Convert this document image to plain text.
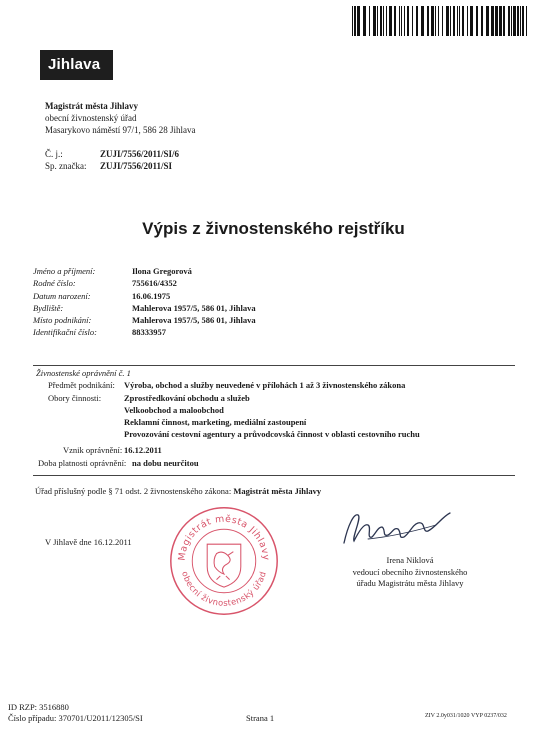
Jihlava
Magistrát města Jihlavy
obecní živnostenský úřad
Masarykovo náměstí 97/1, 586 28 Jihlava
Č. j.:	ZUJI/7556/2011/SI/6
Sp. značka: ZUJI/7556/2011/SI
Výpis z živnostenského rejstříku
Jméno a příjmení:	Ilona Gregorová
Rodné číslo:	755616/4352
Datum narození:	16.06.1975
Bydliště:	Mahlerova 1957/5, 586 01, Jihlava
Místo podnikání:	Mahlerova 1957/5, 586 01, Jihlava
Identifikační číslo:	88333957
Živnostenské oprávnění č. 1
Předmět podnikání: Výroba, obchod a služby neuvedené v přílohách 1 až 3 živnostenského zákona
Obory činnosti:	Zprostředkování obchodu a služeb
Velkoobchod a maloobchod
Reklamní činnost, marketing, mediální zastoupení
Provozování cestovní agentury a průvodcovská činnost v oblasti cestovního ruchu
Vznik oprávnění: 16.12.2011
Doba platnosti oprávnění: na dobu neurčitou
Úřad příslušný podle § 71 odst. 2 živnostenského zákona: Magistrát města Jihlavy
V Jihlavě dne 16.12.2011
Magistrát města Jihlavy
obecní živnostenský úřad
Irena Niklová
vedoucí obecního živnostenského
úřadu Magistrátu města Jihlavy
ID RZP: 3516880
Číslo případu: 370701/U2011/12305/SI	Strana 1	ZIV 2.0y031/1020 VYP 0237/032
